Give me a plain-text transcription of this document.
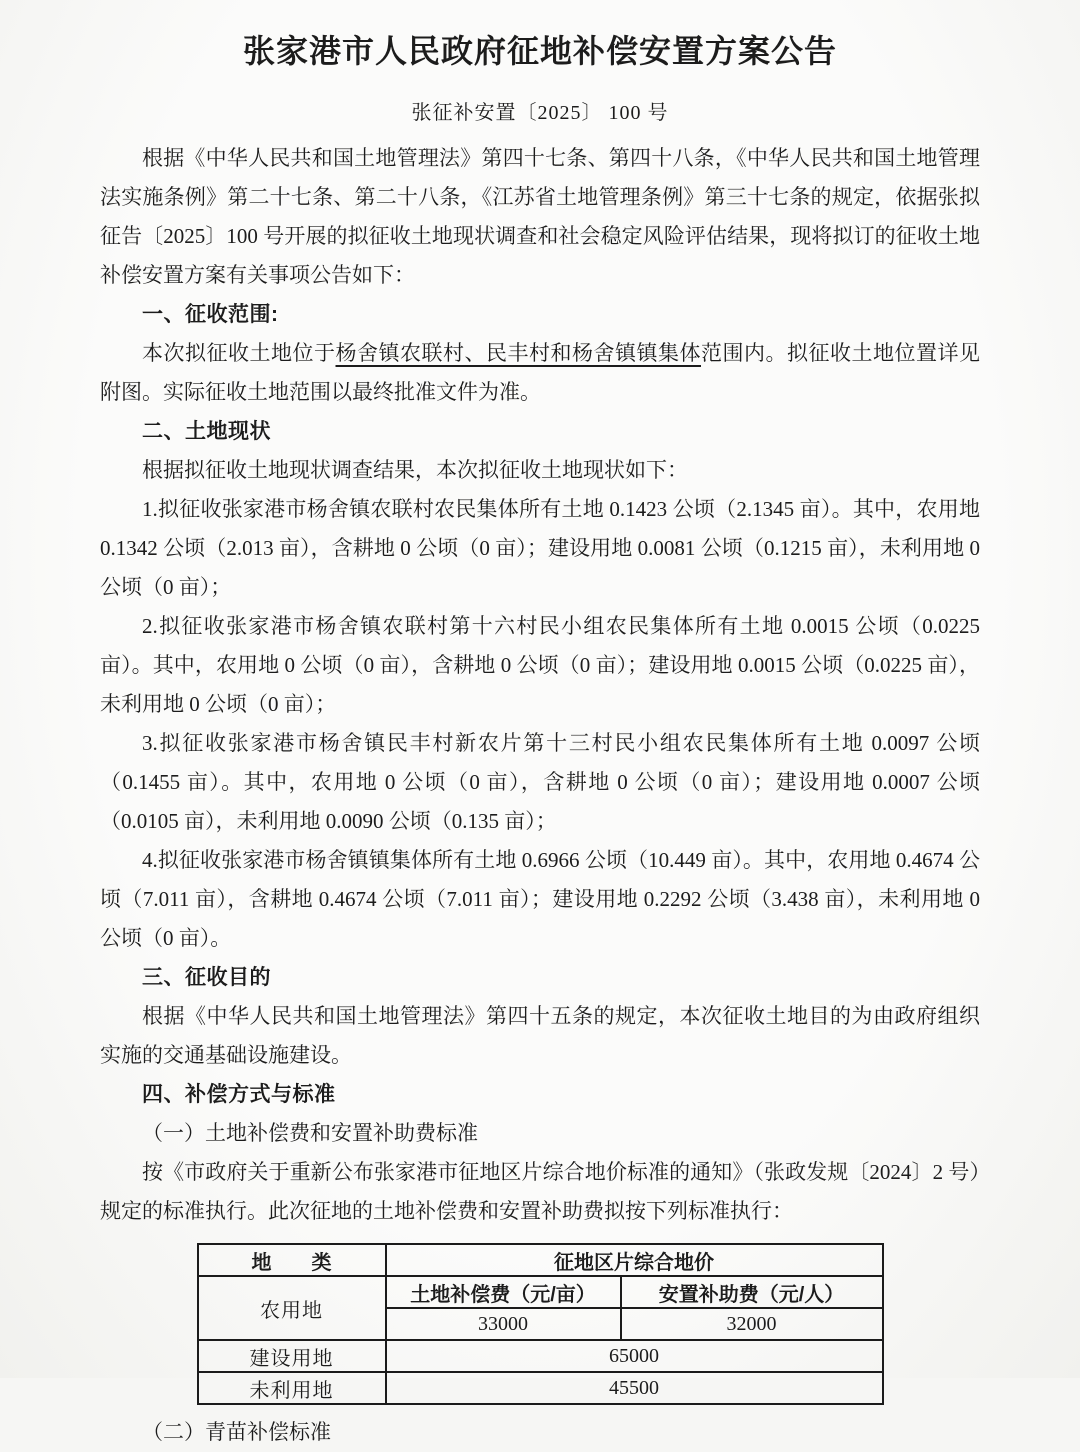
张家港市人民政府征地补偿安置方案公告
张征补安置〔2025〕 100 号

根据《中华人民共和国土地管理法》第四十七条、第四十八条，《中华人民共和国土地管理法实施条例》第二十七条、第二十八条，《江苏省土地管理条例》第三十七条的规定，依据张拟征告〔2025〕100 号开展的拟征收土地现状调查和社会稳定风险评估结果，现将拟订的征收土地补偿安置方案有关事项公告如下：

一、征收范围:

本次拟征收土地位于杨舍镇农联村、民丰村和杨舍镇镇集体范围内。拟征收土地位置详见附图。实际征收土地范围以最终批准文件为准。

二、土地现状

根据拟征收土地现状调查结果，本次拟征收土地现状如下：

1.拟征收张家港市杨舍镇农联村农民集体所有土地 0.1423 公顷（2.1345 亩）。其中，农用地 0.1342 公顷（2.013 亩），含耕地 0 公顷（0 亩）；建设用地 0.0081 公顷（0.1215 亩），未利用地 0 公顷（0 亩）；

2.拟征收张家港市杨舍镇农联村第十六村民小组农民集体所有土地 0.0015 公顷（0.0225 亩）。其中，农用地 0 公顷（0 亩），含耕地 0 公顷（0 亩）；建设用地 0.0015 公顷（0.0225 亩），未利用地 0 公顷（0 亩）；

3.拟征收张家港市杨舍镇民丰村新农片第十三村民小组农民集体所有土地 0.0097 公顷（0.1455 亩）。其中，农用地 0 公顷（0 亩），含耕地 0 公顷（0 亩）；建设用地 0.0007 公顷（0.0105 亩），未利用地 0.0090 公顷（0.135 亩）；

4.拟征收张家港市杨舍镇镇集体所有土地 0.6966 公顷（10.449 亩）。其中，农用地 0.4674 公顷（7.011 亩），含耕地 0.4674 公顷（7.011 亩）；建设用地 0.2292 公顷（3.438 亩），未利用地 0 公顷（0 亩）。

三、征收目的

根据《中华人民共和国土地管理法》第四十五条的规定，本次征收土地目的为由政府组织实施的交通基础设施建设。

四、补偿方式与标准

（一）土地补偿费和安置补助费标准

按《市政府关于重新公布张家港市征地区片综合地价标准的通知》（张政发规〔2024〕2 号）规定的标准执行。此次征地的土地补偿费和安置补助费拟按下列标准执行：

地　　类	征地区片综合地价	
农用地	土地补偿费（元/亩）	安置补助费（元/人）
	33000	32000
建设用地	65000	
未利用地	45500	

（二）青苗补偿标准
